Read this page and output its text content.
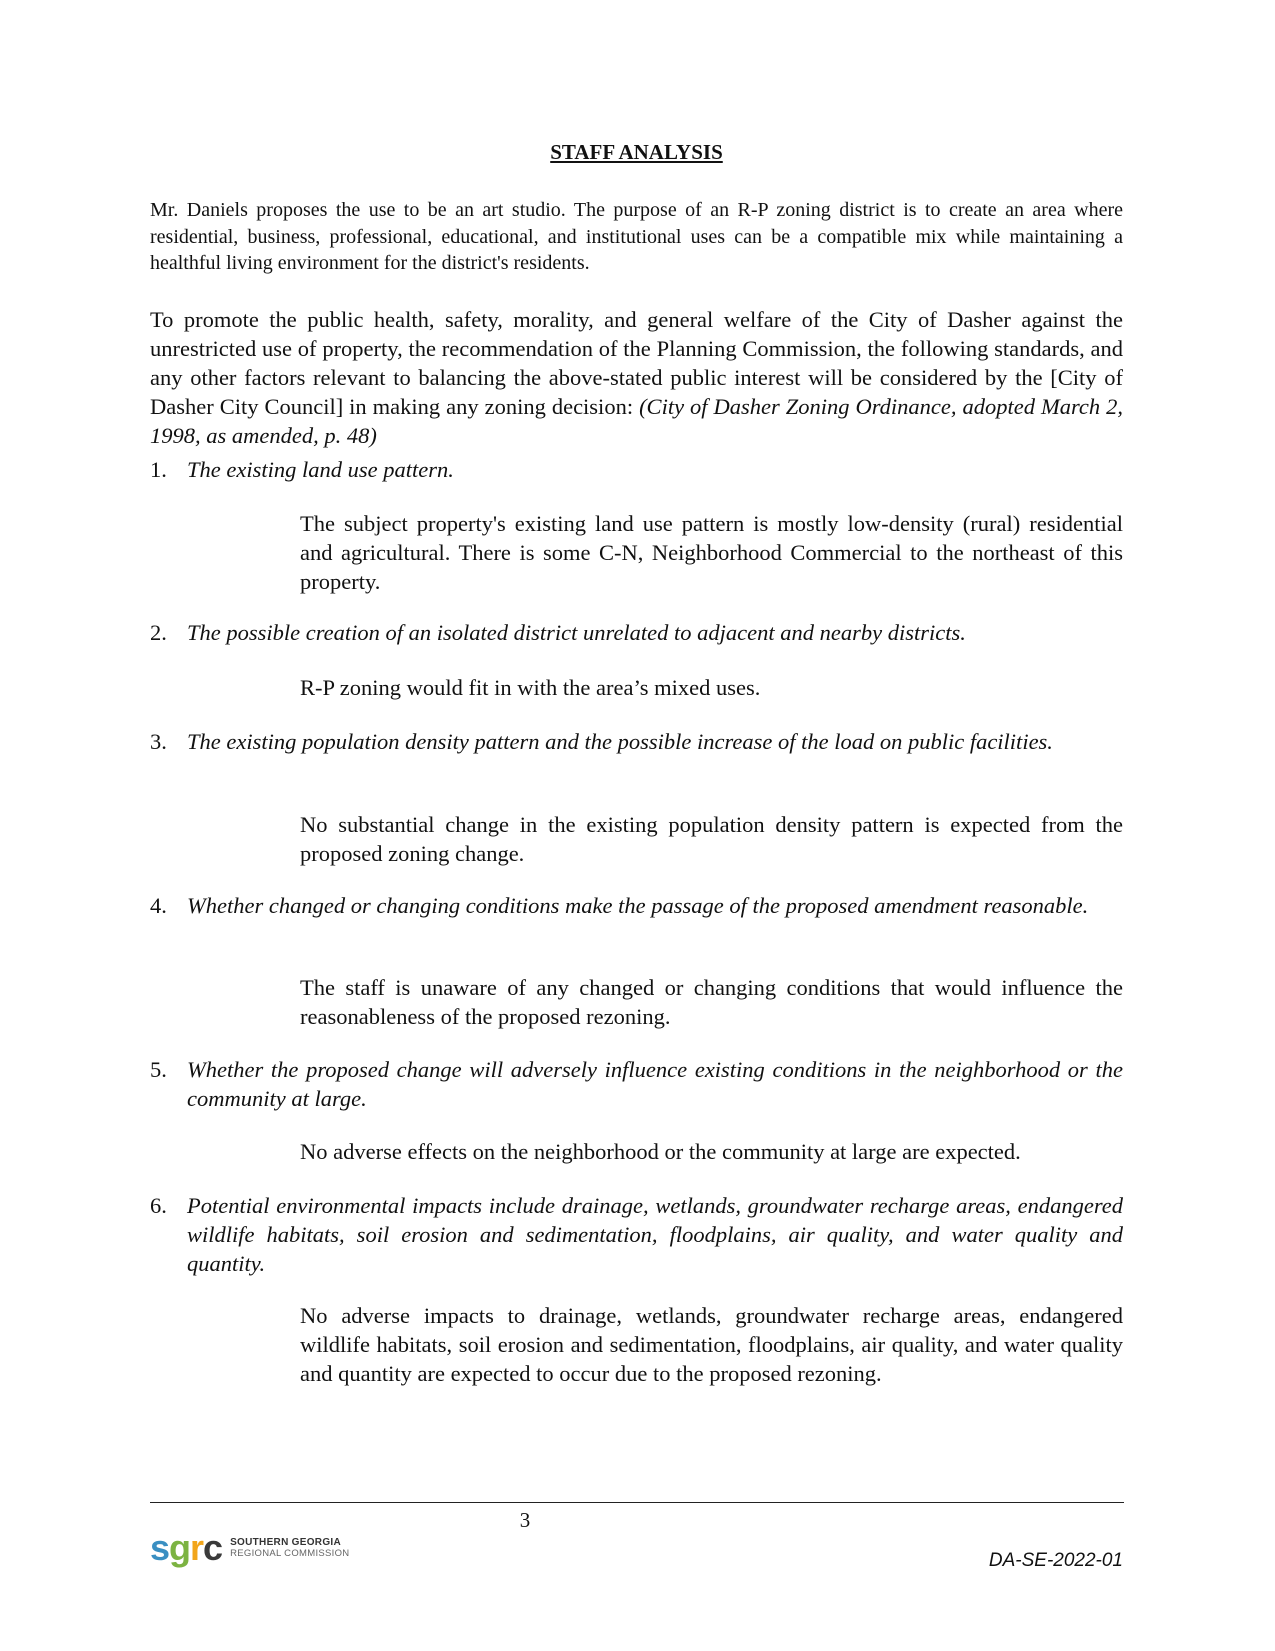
STAFF ANALYSIS

Mr. Daniels proposes the use to be an art studio. The purpose of an R-P zoning district is to create an area where residential, business, professional, educational, and institutional uses can be a compatible mix while maintaining a healthful living environment for the district's residents.

To promote the public health, safety, morality, and general welfare of the City of Dasher against the unrestricted use of property, the recommendation of the Planning Commission, the following standards, and any other factors relevant to balancing the above-stated public interest will be considered by the [City of Dasher City Council] in making any zoning decision: (City of Dasher Zoning Ordinance, adopted March 2, 1998, as amended, p. 48)

1. The existing land use pattern.

The subject property's existing land use pattern is mostly low-density (rural) residential and agricultural. There is some C-N, Neighborhood Commercial to the northeast of this property.

2. The possible creation of an isolated district unrelated to adjacent and nearby districts.

R-P zoning would fit in with the area’s mixed uses.

3. The existing population density pattern and the possible increase of the load on public facilities.

No substantial change in the existing population density pattern is expected from the proposed zoning change.

4. Whether changed or changing conditions make the passage of the proposed amendment reasonable.

The staff is unaware of any changed or changing conditions that would influence the reasonableness of the proposed rezoning.

5. Whether the proposed change will adversely influence existing conditions in the neighborhood or the community at large.

No adverse effects on the neighborhood or the community at large are expected.

6. Potential environmental impacts include drainage, wetlands, groundwater recharge areas, endangered wildlife habitats, soil erosion and sedimentation, floodplains, air quality, and water quality and quantity.

No adverse impacts to drainage, wetlands, groundwater recharge areas, endangered wildlife habitats, soil erosion and sedimentation, floodplains, air quality, and water quality and quantity are expected to occur due to the proposed rezoning.

3
s g r c SOUTHERN GEORGIA
REGIONAL COMMISSION	DA-SE-2022-01
